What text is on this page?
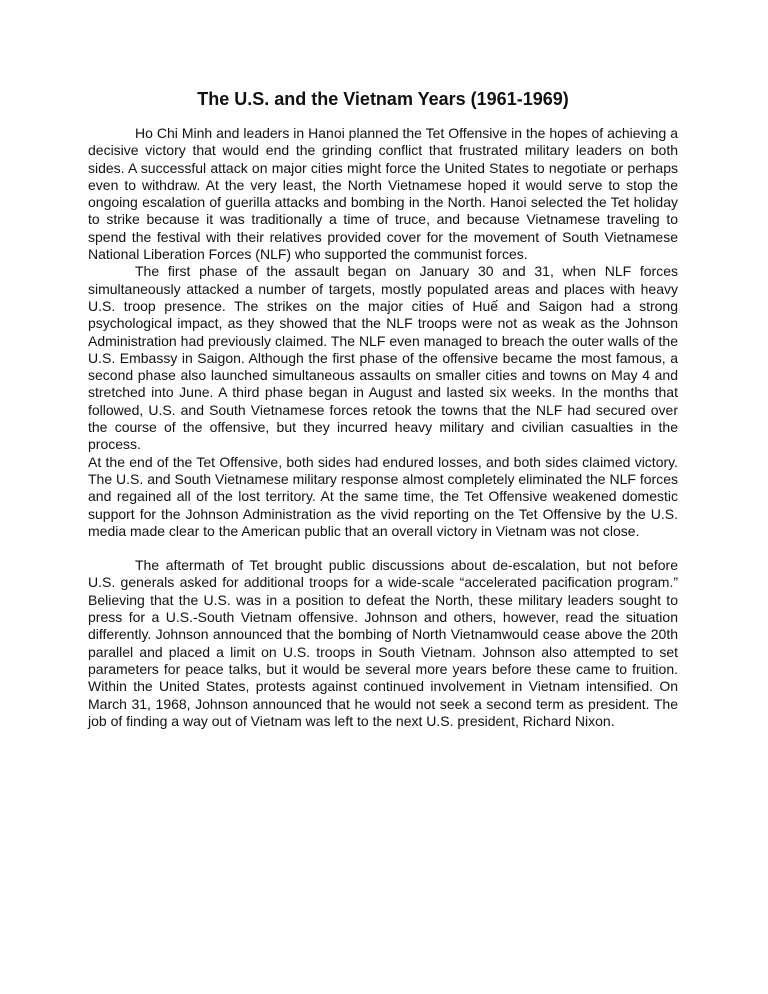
The U.S. and the Vietnam Years (1961-1969)

Ho Chi Minh and leaders in Hanoi planned the Tet Offensive in the hopes of achieving a decisive victory that would end the grinding conflict that frustrated military leaders on both sides. A successful attack on major cities might force the United States to negotiate or perhaps even to withdraw. At the very least, the North Vietnamese hoped it would serve to stop the ongoing escalation of guerilla attacks and bombing in the North. Hanoi selected the Tet holiday to strike because it was traditionally a time of truce, and because Vietnamese traveling to spend the festival with their relatives provided cover for the movement of South Vietnamese National Liberation Forces (NLF) who supported the communist forces.

The first phase of the assault began on January 30 and 31, when NLF forces simultaneously attacked a number of targets, mostly populated areas and places with heavy U.S. troop presence. The strikes on the major cities of Huế and Saigon had a strong psychological impact, as they showed that the NLF troops were not as weak as the Johnson Administration had previously claimed. The NLF even managed to breach the outer walls of the U.S. Embassy in Saigon. Although the first phase of the offensive became the most famous, a second phase also launched simultaneous assaults on smaller cities and towns on May 4 and stretched into June. A third phase began in August and lasted six weeks. In the months that followed, U.S. and South Vietnamese forces retook the towns that the NLF had secured over the course of the offensive, but they incurred heavy military and civilian casualties in the process.

At the end of the Tet Offensive, both sides had endured losses, and both sides claimed victory. The U.S. and South Vietnamese military response almost completely eliminated the NLF forces and regained all of the lost territory. At the same time, the Tet Offensive weakened domestic support for the Johnson Administration as the vivid reporting on the Tet Offensive by the U.S. media made clear to the American public that an overall victory in Vietnam was not close.

The aftermath of Tet brought public discussions about de-escalation, but not before U.S. generals asked for additional troops for a wide-scale “accelerated pacification program.” Believing that the U.S. was in a position to defeat the North, these military leaders sought to press for a U.S.-South Vietnam offensive. Johnson and others, however, read the situation differently. Johnson announced that the bombing of North Vietnamwould cease above the 20th parallel and placed a limit on U.S. troops in South Vietnam. Johnson also attempted to set parameters for peace talks, but it would be several more years before these came to fruition. Within the United States, protests against continued involvement in Vietnam intensified. On March 31, 1968, Johnson announced that he would not seek a second term as president. The job of finding a way out of Vietnam was left to the next U.S. president, Richard Nixon.
